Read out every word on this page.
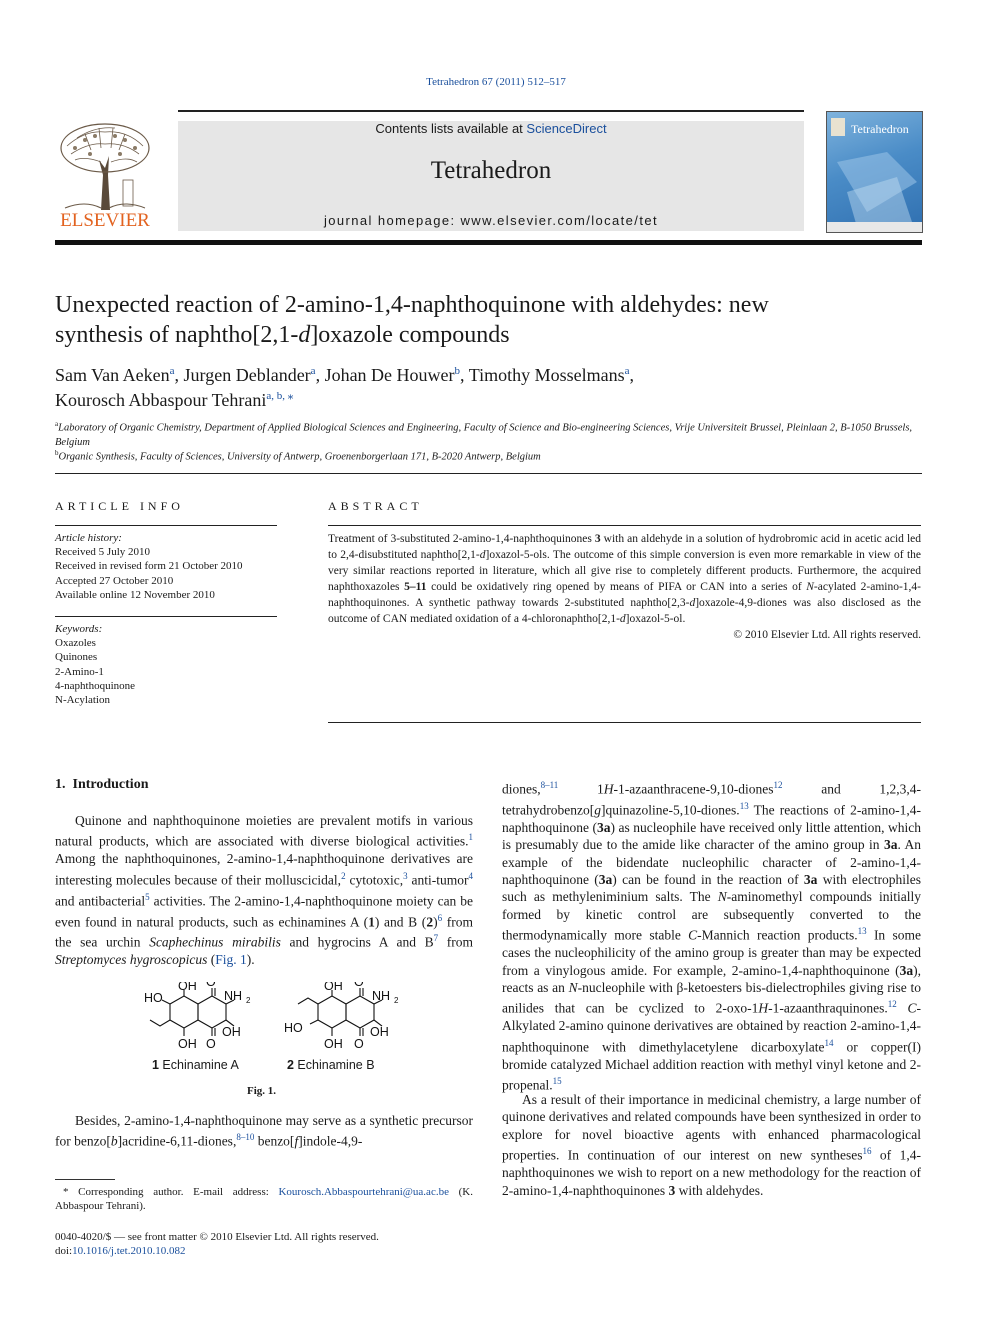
Tetrahedron 67 (2011) 512–517
ELSEVIER
Contents lists available at ScienceDirect
Tetrahedron
journal homepage: www.elsevier.com/locate/tet
Tetrahedron
Unexpected reaction of 2-amino-1,4-naphthoquinone with aldehydes: new
synthesis of naphtho[2,1-d]oxazole compounds
Sam Van Aeken$^a$, Jurgen Deblander$^a$, Johan De Houwer$^b$, Timothy Mosselmans$^a$,
Kourosch Abbaspour Tehrani$^{a, b, ⁎}$
$^a$Laboratory of Organic Chemistry, Department of Applied Biological Sciences and Engineering, Faculty of Science and Bio-engineering Sciences, Vrije Universiteit Brussel, Pleinlaan 2, B-1050 Brussels, Belgium
$^b$Organic Synthesis, Faculty of Sciences, University of Antwerp, Groenenborgerlaan 171, B-2020 Antwerp, Belgium
ARTICLE INFO
Article history:
Received 5 July 2010
Received in revised form 21 October 2010
Accepted 27 October 2010
Available online 12 November 2010
Keywords:
Oxazoles
Quinones
2-Amino-1
4-naphthoquinone
N-Acylation
ABSTRACT
Treatment of 3-substituted 2-amino-1,4-naphthoquinones 3 with an aldehyde in a solution of hydrobromic acid in acetic acid led to 2,4-disubstituted naphtho[2,1-d]oxazol-5-ols. The outcome of this simple conversion is even more remarkable in view of the very similar reactions reported in literature, which all give rise to completely different products. Furthermore, the acquired naphthoxazoles 5–11 could be oxidatively ring opened by means of PIFA or CAN into a series of N-acylated 2-amino-1,4-naphthoquinones. A synthetic pathway towards 2-substituted naphtho[2,3-d]oxazole-4,9-diones was also disclosed as the outcome of CAN mediated oxidation of a 4-chloronaphtho[2,1-d]oxazol-5-ol.
© 2010 Elsevier Ltd. All rights reserved.
1. Introduction
Quinone and naphthoquinone moieties are prevalent motifs in various natural products, which are associated with diverse biological activities.$^1$ Among the naphthoquinones, 2-amino-1,4-naphthoquinone derivatives are interesting molecules because of their molluscicidal,$^2$ cytotoxic,$^3$ anti-tumor$^4$ and antibacterial$^5$ activities. The 2-amino-1,4-naphthoquinone moiety can be even found in natural products, such as echinamines A (1) and B (2)$^6$ from the sea urchin Scaphechinus mirabilis and hygrocins A and B$^7$ from Streptomyces hygroscopicus (Fig. 1).
OH O
NH 2
HO
OH
OH O
OH O
NH 2
HO	OH
OH O
1 Echinamine A	2 Echinamine B
Fig. 1.
Besides, 2-amino-1,4-naphthoquinone may serve as a synthetic precursor for benzo[b]acridine-6,11-diones,$^{8-10}$ benzo[f]indole-4,9-
* Corresponding author. E-mail address: Kourosch.Abbaspourtehrani@ua.ac.be (K. Abbaspour Tehrani).
0040-4020/$ — see front matter © 2010 Elsevier Ltd. All rights reserved.
doi:10.1016/j.tet.2010.10.082
diones,$^{8-11}$ 1H-1-azaanthracene-9,10-diones$^{12}$ and 1,2,3,4-tetrahydrobenzo[g]quinazoline-5,10-diones.$^{13}$ The reactions of 2-amino-1,4-naphthoquinone (3a) as nucleophile have received only little attention, which is presumably due to the amide like character of the amino group in 3a. An example of the bidendate nucleophilic character of 2-amino-1,4-naphthoquinone (3a) can be found in the reaction of 3a with electrophiles such as methyleniminium salts. The N-aminomethyl compounds initially formed by kinetic control are subsequently converted to the thermodynamically more stable C-Mannich reaction products.$^{13}$ In some cases the nucleophilicity of the amino group is greater than may be expected from a vinylogous amide. For example, 2-amino-1,4-naphthoquinone (3a), reacts as an N-nucleophile with β-ketoesters bis-dielectrophiles giving rise to anilides that can be cyclized to 2-oxo-1H-1-azaanthraquinones.$^{12}$ C-Alkylated 2-amino quinone derivatives are obtained by reaction 2-amino-1,4-naphthoquinone with dimethylacetylene dicarboxylate$^{14}$ or copper(I) bromide catalyzed Michael addition reaction with methyl vinyl ketone and 2-propenal.$^{15}$
As a result of their importance in medicinal chemistry, a large number of quinone derivatives and related compounds have been synthesized in order to explore for novel bioactive agents with enhanced pharmacological properties. In continuation of our interest on new syntheses$^{16}$ of 1,4-naphthoquinones we wish to report on a new methodology for the reaction of 2-amino-1,4-naphthoquinones 3 with aldehydes.
